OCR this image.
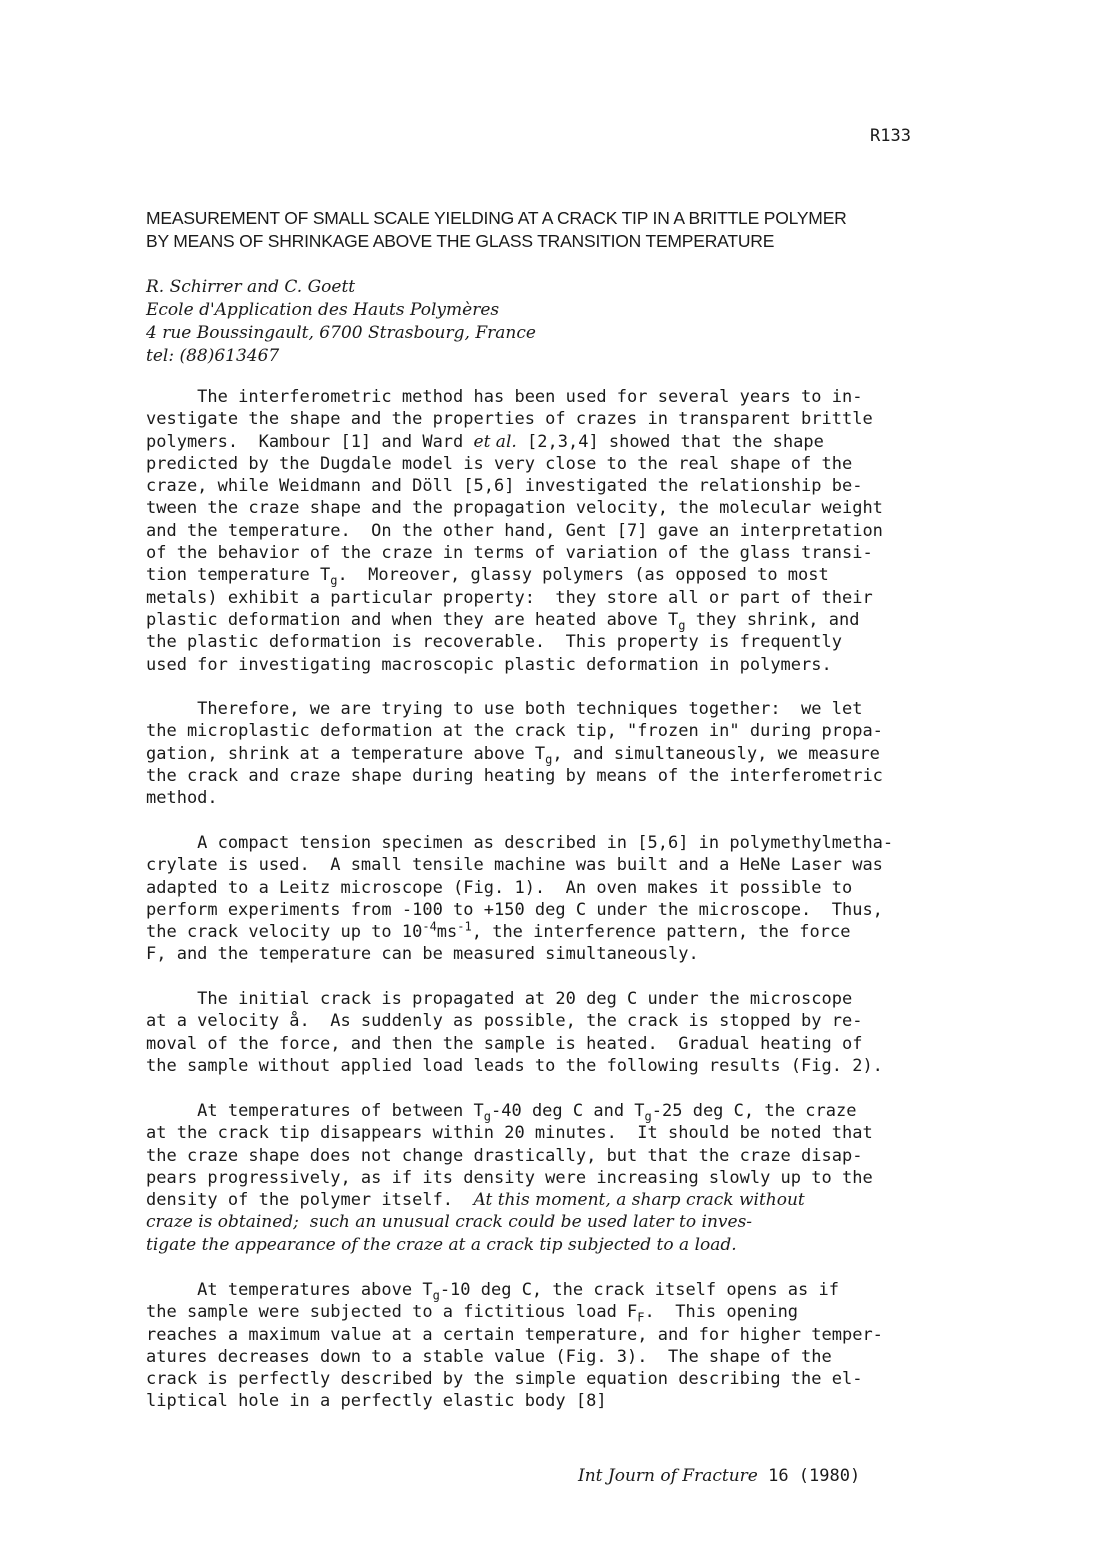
R133
MEASUREMENT OF SMALL SCALE YIELDING AT A CRACK TIP IN A BRITTLE POLYMER
BY MEANS OF SHRINKAGE ABOVE THE GLASS TRANSITION TEMPERATURE
R. Schirrer and C. Goett
Ecole d'Application des Hauts Polymères
4 rue Boussingault, 6700 Strasbourg, France
tel: (88)613467
The interferometric method has been used for several years to in-
vestigate the shape and the properties of crazes in transparent brittle
polymers.  Kambour [1] and Ward et al. [2,3,4] showed that the shape
predicted by the Dugdale model is very close to the real shape of the
craze, while Weidmann and Döll [5,6] investigated the relationship be-
tween the craze shape and the propagation velocity, the molecular weight
and the temperature.  On the other hand, Gent [7] gave an interpretation
of the behavior of the craze in terms of variation of the glass transi-
tion temperature $T_g$.  Moreover, glassy polymers (as opposed to most
metals) exhibit a particular property:  they store all or part of their
plastic deformation and when they are heated above $T_g$ they shrink, and
the plastic deformation is recoverable.  This property is frequently
used for investigating macroscopic plastic deformation in polymers.
Therefore, we are trying to use both techniques together:  we let
the microplastic deformation at the crack tip, "frozen in" during propa-
gation, shrink at a temperature above $T_g$, and simultaneously, we measure
the crack and craze shape during heating by means of the interferometric
method.
A compact tension specimen as described in [5,6] in polymethylmetha-
crylate is used.  A small tensile machine was built and a HeNe Laser was
adapted to a Leitz microscope (Fig. 1).  An oven makes it possible to
perform experiments from -100 to +150 deg C under the microscope.  Thus,
the crack velocity up to $10^{-4}ms^{-1}$, the interference pattern, the force
F, and the temperature can be measured simultaneously.
The initial crack is propagated at 20 deg C under the microscope
at a velocity å.  As suddenly as possible, the crack is stopped by re-
moval of the force, and then the sample is heated.  Gradual heating of
the sample without applied load leads to the following results (Fig. 2).
At temperatures of between $T_g-40$ deg C and $T_g-25$ deg C, the craze
at the crack tip disappears within 20 minutes.  It should be noted that
the craze shape does not change drastically, but that the craze disap-
pears progressively, as if its density were increasing slowly up to the
density of the polymer itself.  At this moment, a sharp crack without
craze is obtained;  such an unusual crack could be used later to inves-
tigate the appearance of the craze at a crack tip subjected to a load.
At temperatures above $T_g-10$ deg C, the crack itself opens as if
the sample were subjected to a fictitious load $F_F$.  This opening
reaches a maximum value at a certain temperature, and for higher temper-
atures decreases down to a stable value (Fig. 3).  The shape of the
crack is perfectly described by the simple equation describing the el-
liptical hole in a perfectly elastic body [8]
Int Journ of Fracture 16 (1980)
